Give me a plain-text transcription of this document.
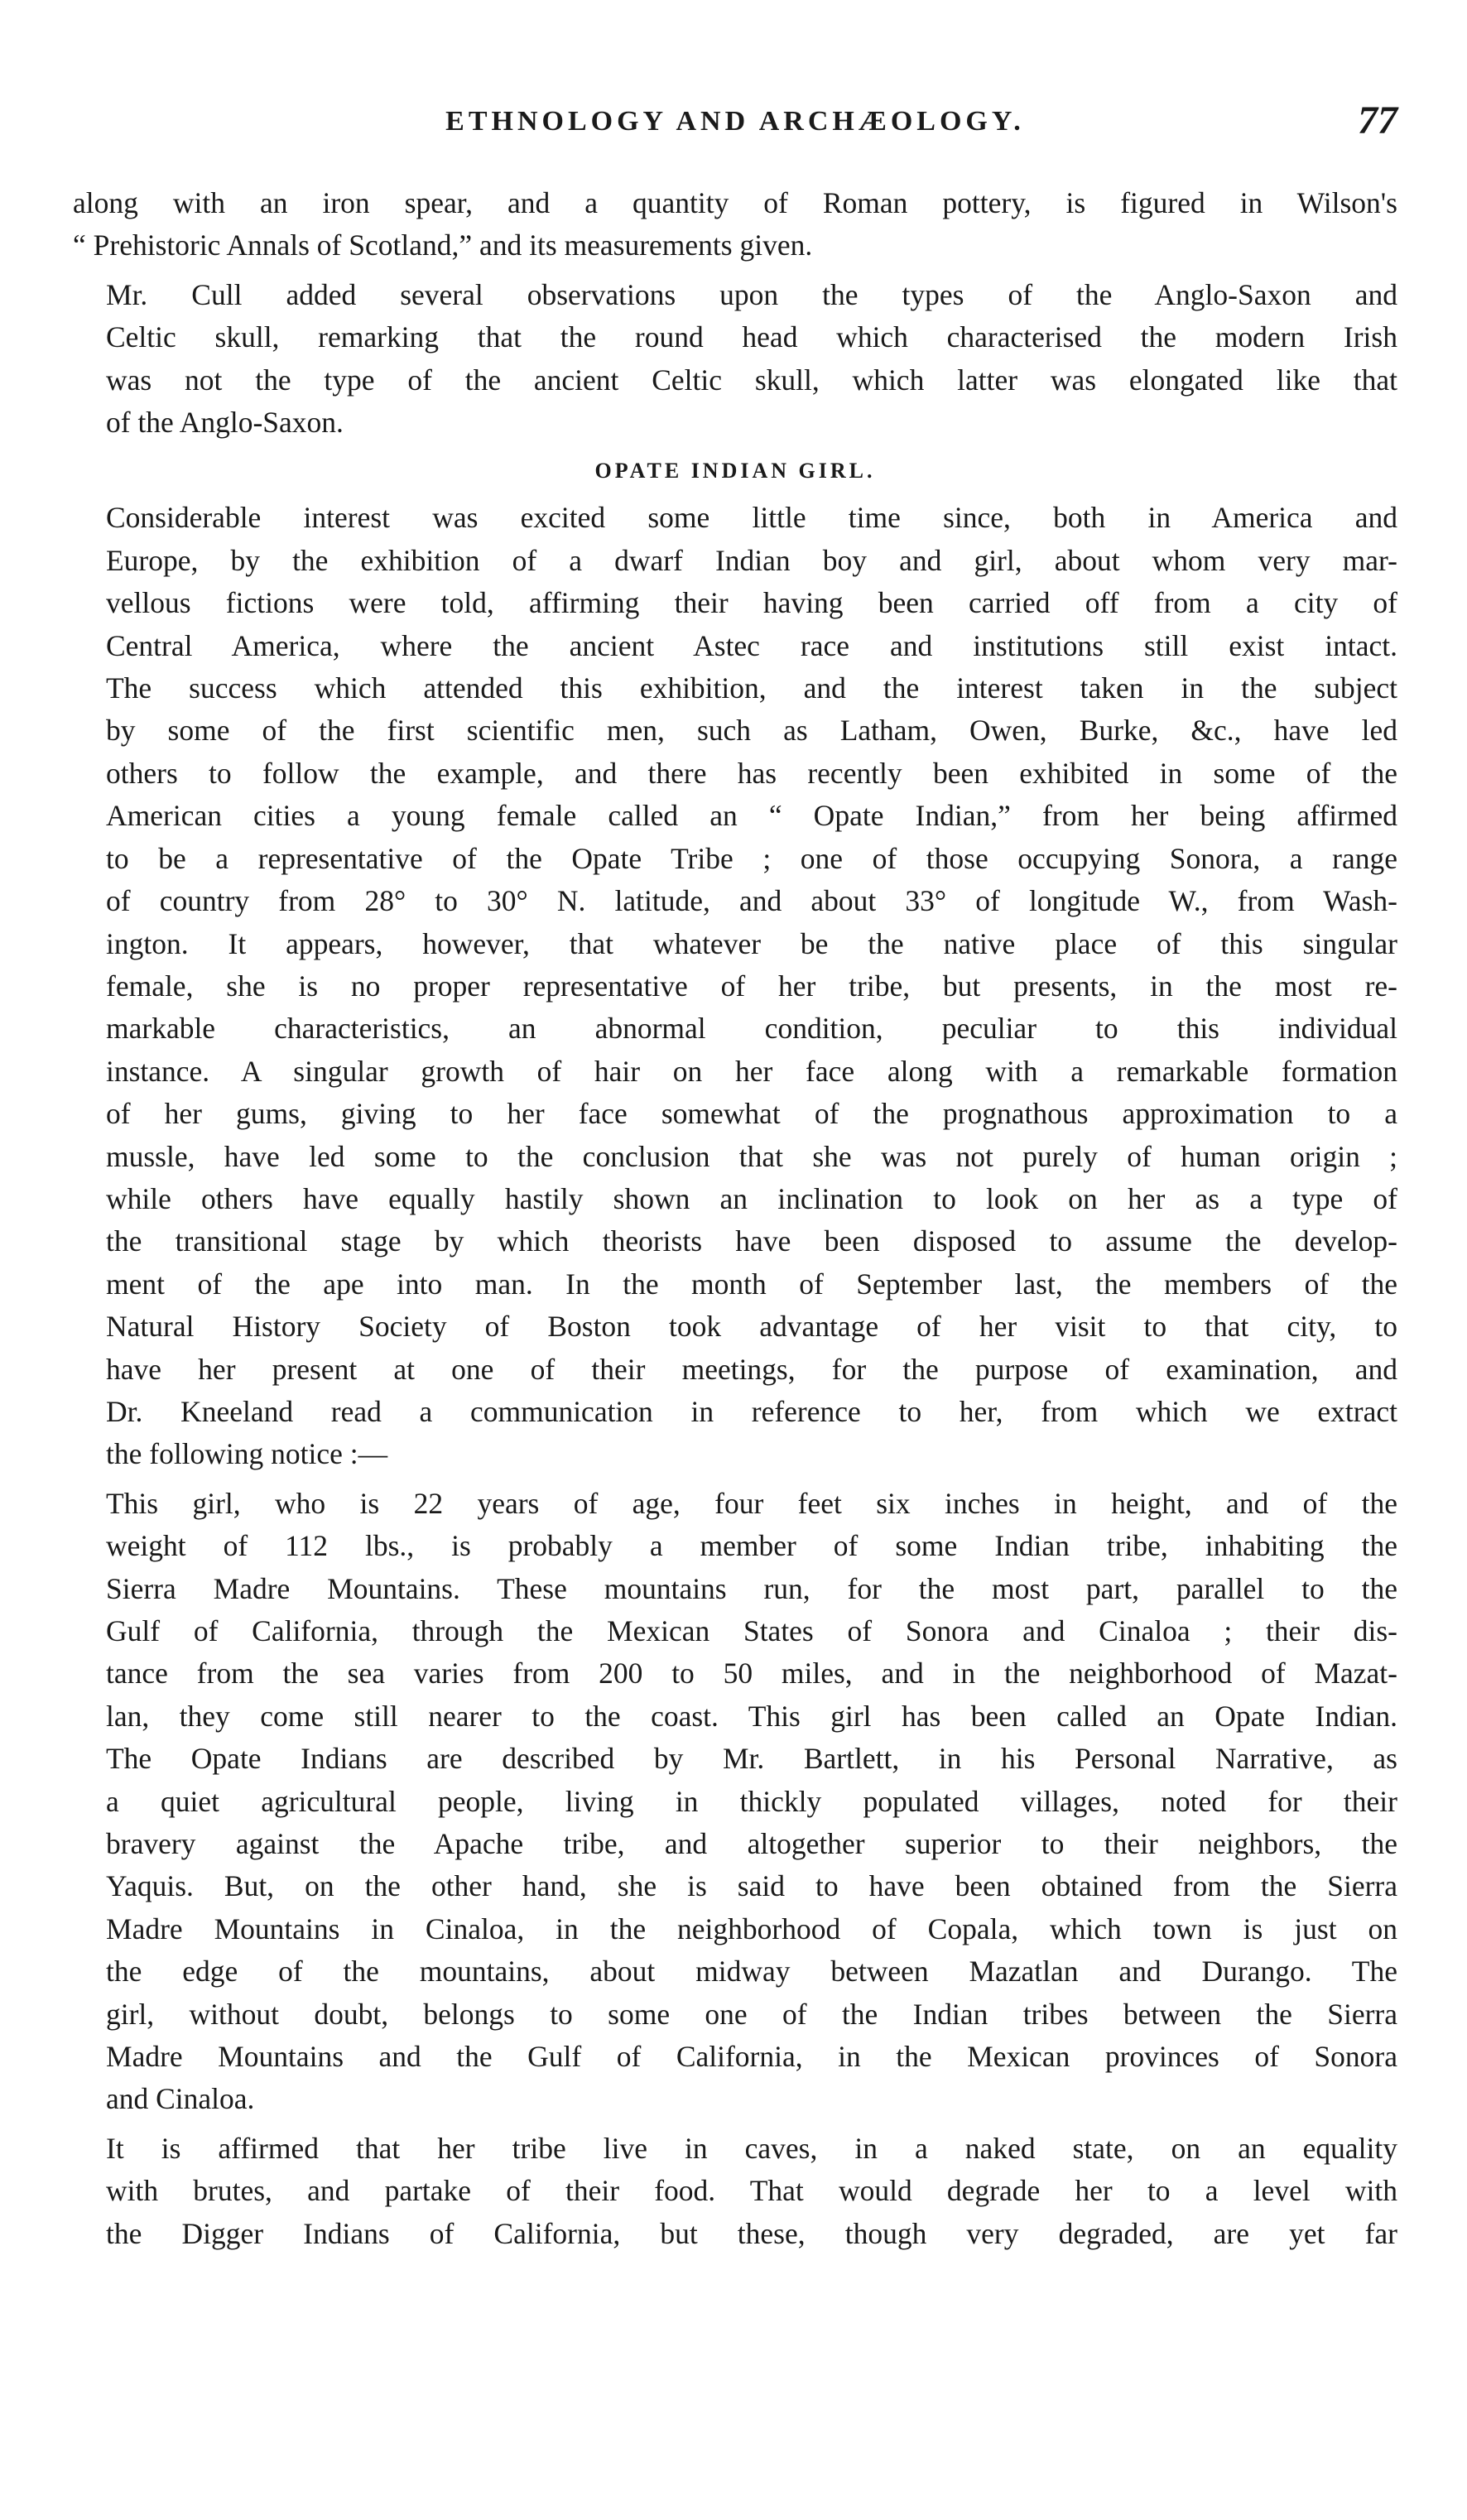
ETHNOLOGY AND ARCHÆOLOGY.	77

along with an iron spear, and a quantity of Roman pottery, is figured in Wilson's
“ Prehistoric Annals of Scotland,” and its measurements given.

Mr. Cull added several observations upon the types of the Anglo-Saxon and
Celtic skull, remarking that the round head which characterised the modern Irish
was not the type of the ancient Celtic skull, which latter was elongated like that
of the Anglo-Saxon.

OPATE INDIAN GIRL.

Considerable interest was excited some little time since, both in America and
Europe, by the exhibition of a dwarf Indian boy and girl, about whom very mar-
vellous fictions were told, affirming their having been carried off from a city of
Central America, where the ancient Astec race and institutions still exist intact.
The success which attended this exhibition, and the interest taken in the subject
by some of the first scientific men, such as Latham, Owen, Burke, &c., have led
others to follow the example, and there has recently been exhibited in some of the
American cities a young female called an “ Opate Indian,” from her being affirmed
to be a representative of the Opate Tribe ; one of those occupying Sonora, a range
of country from 28° to 30° N. latitude, and about 33° of longitude W., from Wash-
ington. It appears, however, that whatever be the native place of this singular
female, she is no proper representative of her tribe, but presents, in the most re-
markable characteristics, an abnormal condition, peculiar to this individual
instance. A singular growth of hair on her face along with a remarkable formation
of her gums, giving to her face somewhat of the prognathous approximation to a
mussle, have led some to the conclusion that she was not purely of human origin ;
while others have equally hastily shown an inclination to look on her as a type of
the transitional stage by which theorists have been disposed to assume the develop-
ment of the ape into man. In the month of September last, the members of the
Natural History Society of Boston took advantage of her visit to that city, to
have her present at one of their meetings, for the purpose of examination, and
Dr. Kneeland read a communication in reference to her, from which we extract
the following notice :—

This girl, who is 22 years of age, four feet six inches in height, and of the
weight of 112 lbs., is probably a member of some Indian tribe, inhabiting the
Sierra Madre Mountains. These mountains run, for the most part, parallel to the
Gulf of California, through the Mexican States of Sonora and Cinaloa ; their dis-
tance from the sea varies from 200 to 50 miles, and in the neighborhood of Mazat-
lan, they come still nearer to the coast. This girl has been called an Opate Indian.
The Opate Indians are described by Mr. Bartlett, in his Personal Narrative, as
a quiet agricultural people, living in thickly populated villages, noted for their
bravery against the Apache tribe, and altogether superior to their neighbors, the
Yaquis. But, on the other hand, she is said to have been obtained from the Sierra
Madre Mountains in Cinaloa, in the neighborhood of Copala, which town is just on
the edge of the mountains, about midway between Mazatlan and Durango. The
girl, without doubt, belongs to some one of the Indian tribes between the Sierra
Madre Mountains and the Gulf of California, in the Mexican provinces of Sonora
and Cinaloa.

It is affirmed that her tribe live in caves, in a naked state, on an equality
with brutes, and partake of their food. That would degrade her to a level with
the Digger Indians of California, but these, though very degraded, are yet far
